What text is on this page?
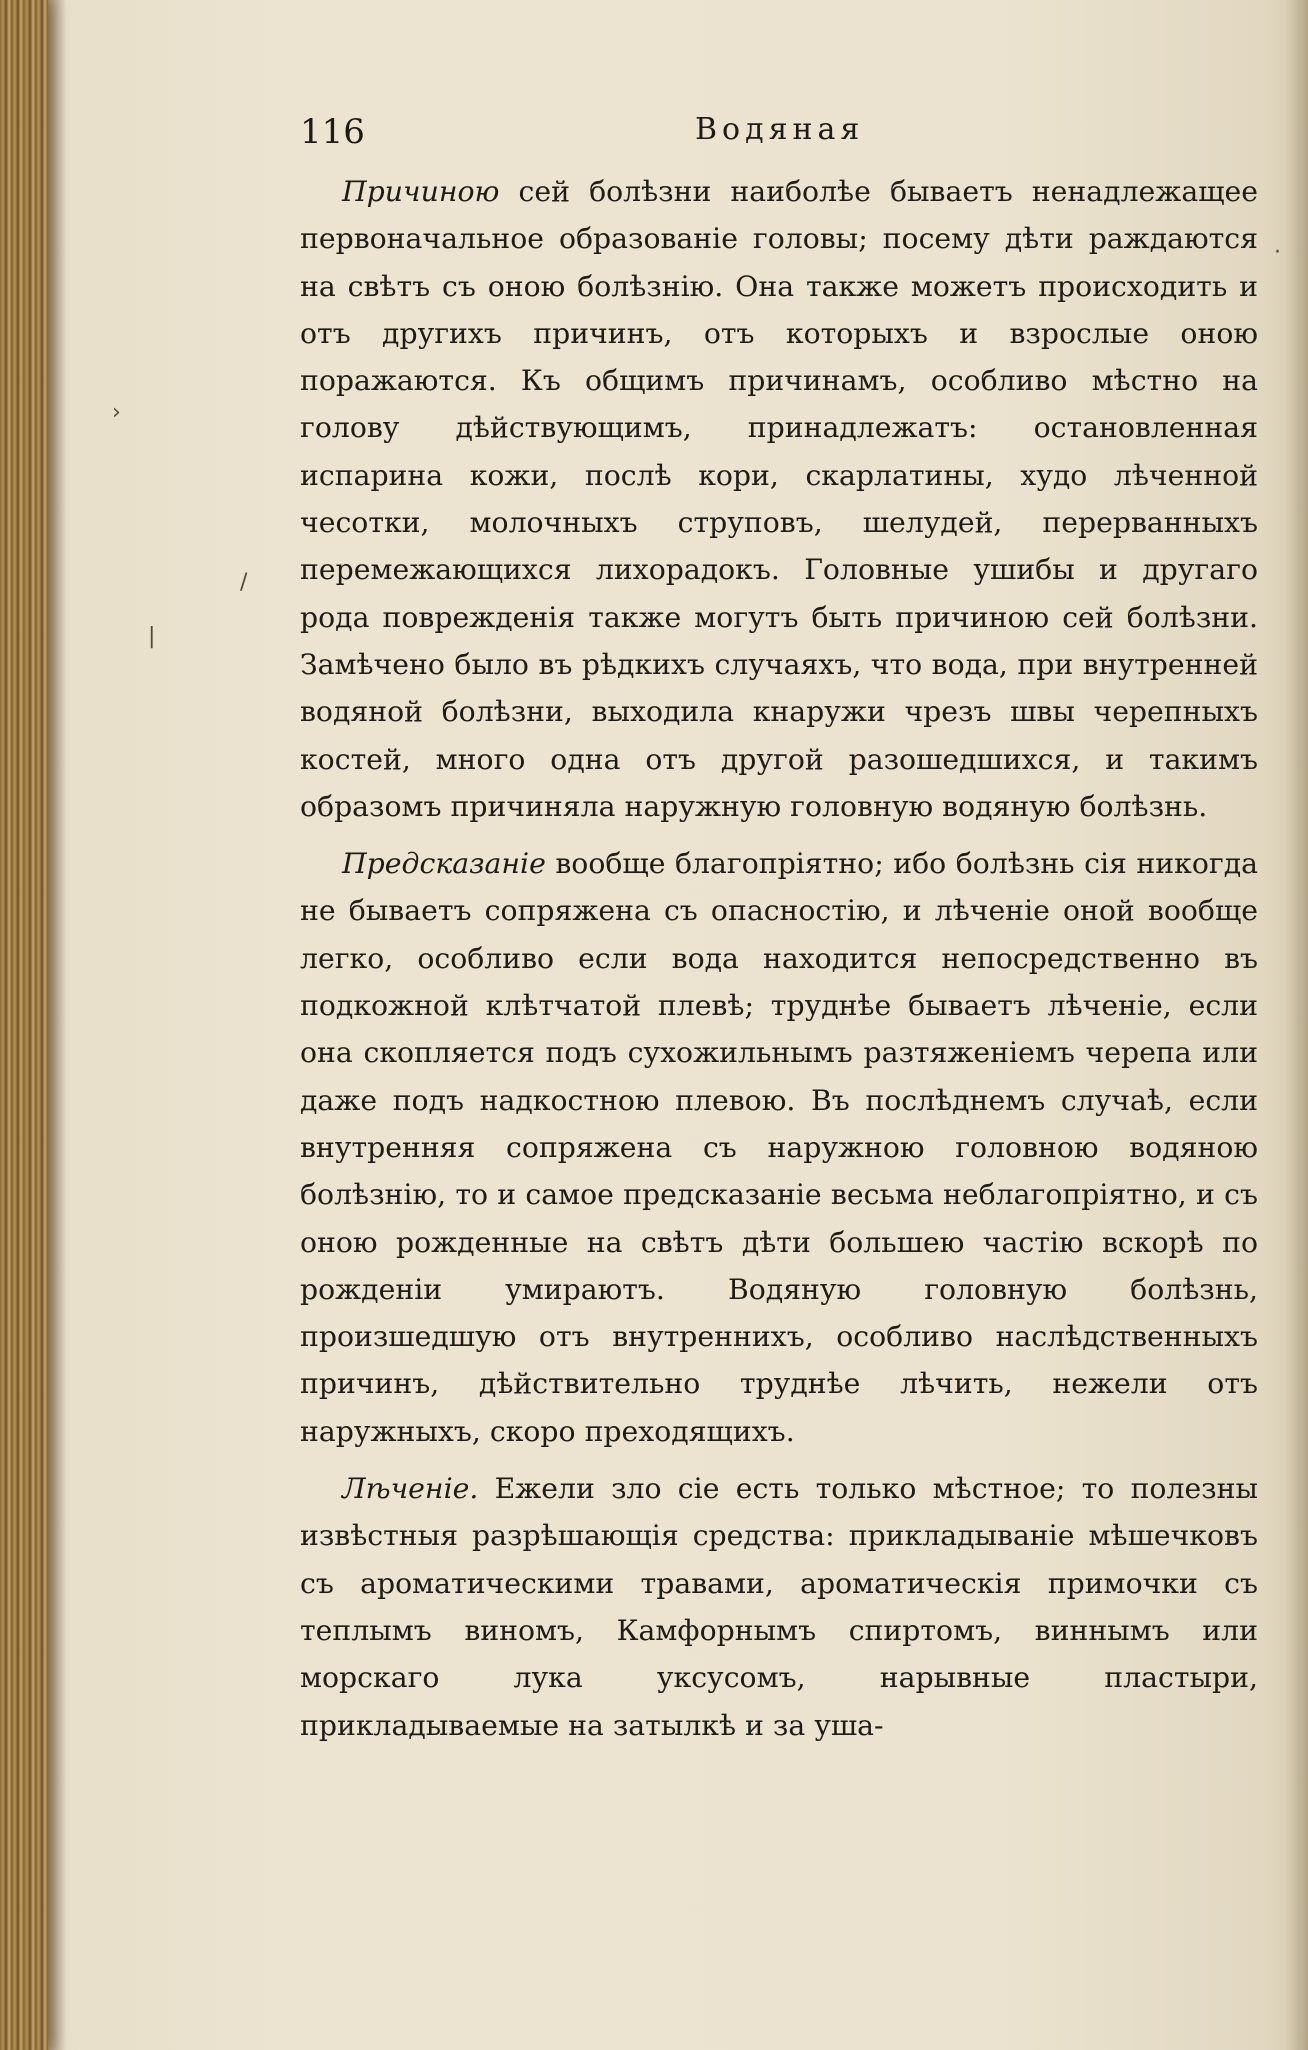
116	Водяная

Причиною сей болѣзни наиболѣе бываетъ ненадлежащее первоначальное образованіе головы; посему дѣти раждаются на свѣтъ съ оною болѣзнію. Она также можетъ происходить и отъ другихъ причинъ, отъ которыхъ и взрослые оною поражаются. Къ общимъ причинамъ, особливо мѣстно на голову дѣйствующимъ, принадлежатъ: остановленная испарина кожи, послѣ кори, скарлатины, худо лѣченной чесотки, молочныхъ струповъ, шелудей, перерванныхъ перемежающихся лихорадокъ. Головные ушибы и другаго рода поврежденія также могутъ быть причиною сей болѣзни. Замѣчено было въ рѣдкихъ случаяхъ, что вода, при внутренней водяной болѣзни, выходила кнаружи чрезъ швы черепныхъ костей, много одна отъ другой разошедшихся, и такимъ образомъ причиняла наружную головную водяную болѣзнь.

Предсказаніе вообще благопріятно; ибо болѣзнь сія никогда не бываетъ сопряжена съ опасностію, и лѣченіе оной вообще легко, особливо если вода находится непосредственно въ подкожной клѣтчатой плевѣ; труднѣе бываетъ лѣченіе, если она скопляется подъ сухожильнымъ разтяженіемъ черепа или даже подъ надкостною плевою. Въ послѣднемъ случаѣ, если внутренняя сопряжена съ наружною головною водяною болѣзнію, то и самое предсказаніе весьма неблагопріятно, и съ оною рожденные на свѣтъ дѣти большею частію вскорѣ по рожденіи умираютъ. Водяную головную болѣзнь, произшедшую отъ внутреннихъ, особливо наслѣдственныхъ причинъ, дѣйствительно труднѣе лѣчить, нежели отъ наружныхъ, скоро преходящихъ.

Лѣченіе. Ежели зло сіе есть только мѣстное; то полезны извѣстныя разрѣшающія средства: прикладываніе мѣшечковъ съ ароматическими травами, ароматическія примочки съ теплымъ виномъ, Камфорнымъ спиртомъ, виннымъ или морскаго лука уксусомъ, нарывные пластыри, прикладываемые на затылкѣ и за уша-

›
/
|
·
